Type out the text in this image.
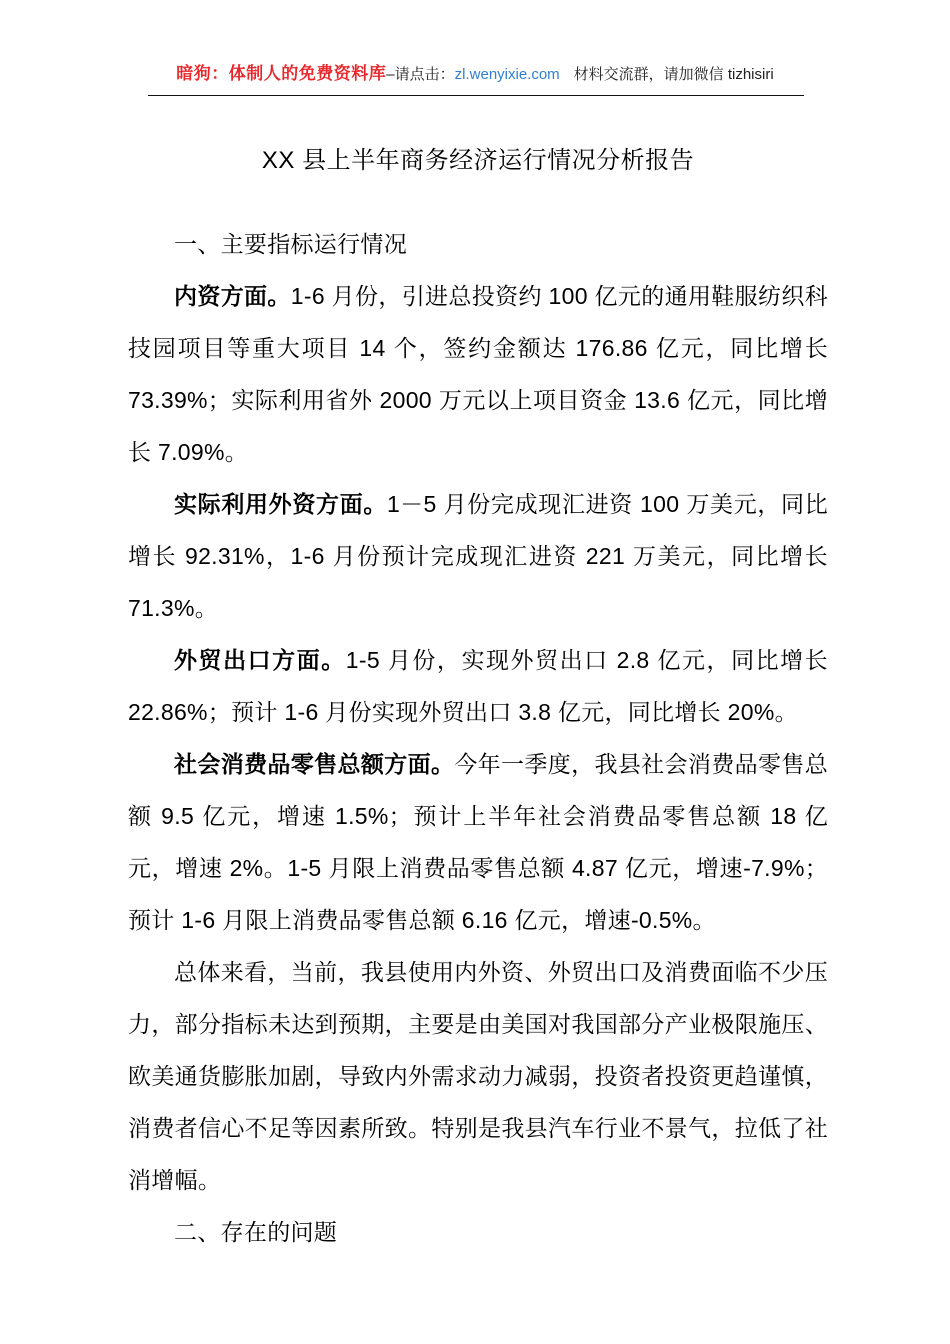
暗狗：体制人的免费资料库–请点击：zl.wenyixie.com 材料交流群，请加微信 tizhisiri
XX 县上半年商务经济运行情况分析报告

一、主要指标运行情况

内资方面。1-6 月份，引进总投资约 100 亿元的通用鞋服纺织科技园项目等重大项目 14 个，签约金额达 176.86 亿元，同比增长 73.39%；实际利用省外 2000 万元以上项目资金 13.6 亿元，同比增长 7.09%。

实际利用外资方面。1－5 月份完成现汇进资 100 万美元，同比增长 92.31%，1-6 月份预计完成现汇进资 221 万美元，同比增长 71.3%。

外贸出口方面。1-5 月份，实现外贸出口 2.8 亿元，同比增长 22.86%；预计 1-6 月份实现外贸出口 3.8 亿元，同比增长 20%。

社会消费品零售总额方面。今年一季度，我县社会消费品零售总额 9.5 亿元，增速 1.5%；预计上半年社会消费品零售总额 18 亿元，增速 2%。1-5 月限上消费品零售总额 4.87 亿元，增速-7.9%；预计 1-6 月限上消费品零售总额 6.16 亿元，增速-0.5%。

总体来看，当前，我县使用内外资、外贸出口及消费面临不少压力，部分指标未达到预期，主要是由美国对我国部分产业极限施压、欧美通货膨胀加剧，导致内外需求动力减弱，投资者投资更趋谨慎，消费者信心不足等因素所致。特别是我县汽车行业不景气，拉低了社消增幅。

二、存在的问题
